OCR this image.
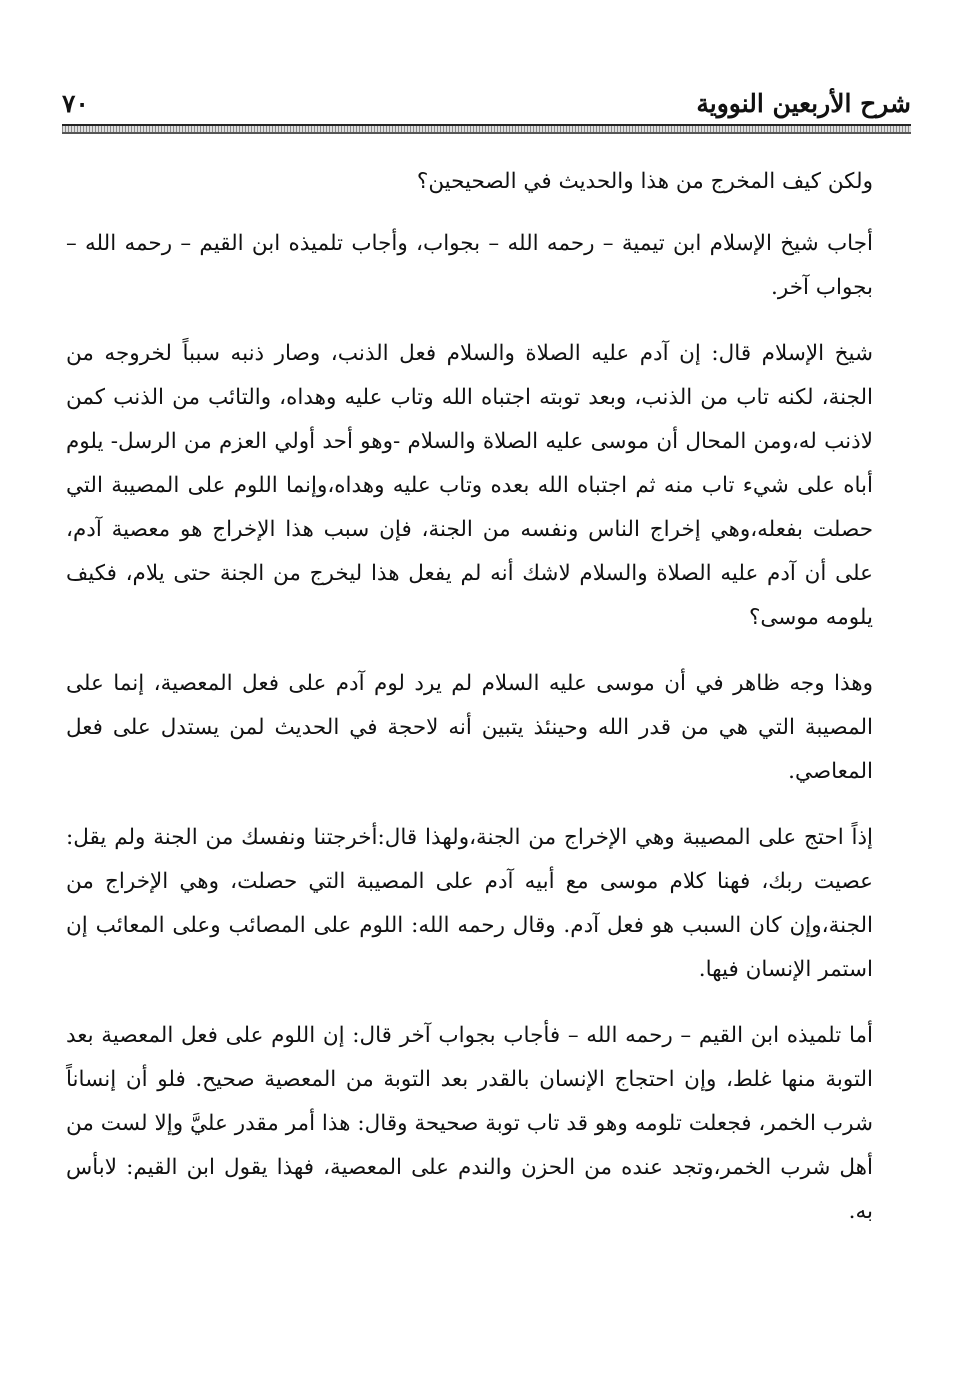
شرح الأربعين النووية
٧٠

ولكن كيف المخرج من هذا والحديث في الصحيحين؟

أجاب شيخ الإسلام ابن تيمية – رحمه الله – بجواب، وأجاب تلميذه ابن القيم – رحمه الله – بجواب آخر.

شيخ الإسلام قال: إن آدم عليه الصلاة والسلام فعل الذنب، وصار ذنبه سبباً لخروجه من الجنة، لكنه تاب من الذنب، وبعد توبته اجتباه الله وتاب عليه وهداه، والتائب من الذنب كمن لاذنب له،ومن المحال أن موسى عليه الصلاة والسلام -وهو أحد أولي العزم من الرسل- يلوم أباه على شيء تاب منه ثم اجتباه الله بعده وتاب عليه وهداه،وإنما اللوم على المصيبة التي حصلت بفعله،وهي إخراج الناس ونفسه من الجنة، فإن سبب هذا الإخراج هو معصية آدم، على أن آدم عليه الصلاة والسلام لاشك أنه لم يفعل هذا ليخرج من الجنة حتى يلام، فكيف يلومه موسى؟

وهذا وجه ظاهر في أن موسى عليه السلام لم يرد لوم آدم على فعل المعصية، إنما على المصيبة التي هي من قدر الله وحينئذ يتبين أنه لاحجة في الحديث لمن يستدل على فعل المعاصي.

إذاً احتج على المصيبة وهي الإخراج من الجنة،ولهذا قال:أخرجتنا ونفسك من الجنة ولم يقل: عصيت ربك، فهنا كلام موسى مع أبيه آدم على المصيبة التي حصلت، وهي الإخراج من الجنة،وإن كان السبب هو فعل آدم. وقال رحمه الله: اللوم على المصائب وعلى المعائب إن استمر الإنسان فيها.

أما تلميذه ابن القيم – رحمه الله – فأجاب بجواب آخر قال: إن اللوم على فعل المعصية بعد التوبة منها غلط، وإن احتجاج الإنسان بالقدر بعد التوبة من المعصية صحيح. فلو أن إنساناً شرب الخمر، فجعلت تلومه وهو قد تاب توبة صحيحة وقال: هذا أمر مقدر عليَّ وإلا لست من أهل شرب الخمر،وتجد عنده من الحزن والندم على المعصية، فهذا يقول ابن القيم: لابأس به.
